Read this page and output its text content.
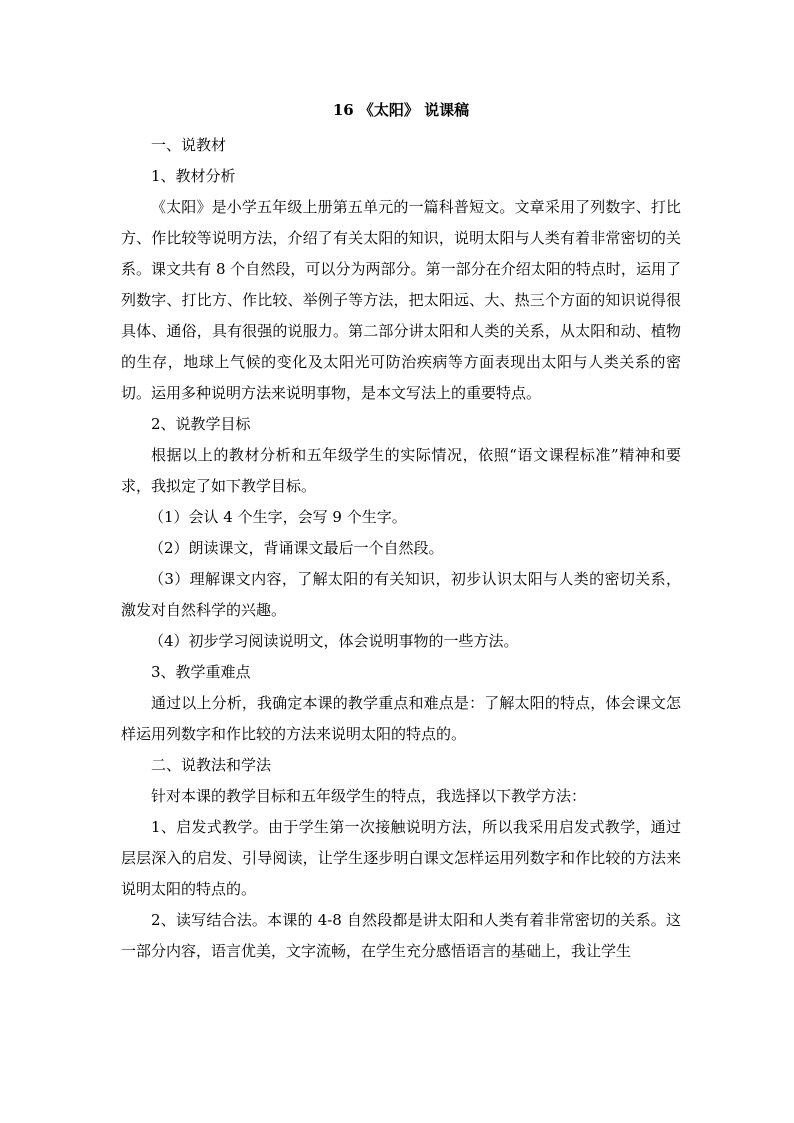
16 《太阳》 说课稿

一、说教材

1、教材分析

《太阳》是小学五年级上册第五单元的一篇科普短文。文章采用了列数字、打比方、作比较等说明方法，介绍了有关太阳的知识，说明太阳与人类有着非常密切的关系。课文共有 8 个自然段，可以分为两部分。第一部分在介绍太阳的特点时，运用了列数字、打比方、作比较、举例子等方法，把太阳远、大、热三个方面的知识说得很具体、通俗，具有很强的说服力。第二部分讲太阳和人类的关系，从太阳和动、植物的生存，地球上气候的变化及太阳光可防治疾病等方面表现出太阳与人类关系的密切。运用多种说明方法来说明事物，是本文写法上的重要特点。

2、说教学目标

根据以上的教材分析和五年级学生的实际情况，依照“语文课程标准”精神和要求，我拟定了如下教学目标。

（1）会认 4 个生字，会写 9 个生字。

（2）朗读课文，背诵课文最后一个自然段。

（3）理解课文内容，了解太阳的有关知识，初步认识太阳与人类的密切关系，激发对自然科学的兴趣。

（4）初步学习阅读说明文，体会说明事物的一些方法。

3、教学重难点

通过以上分析，我确定本课的教学重点和难点是：了解太阳的特点，体会课文怎样运用列数字和作比较的方法来说明太阳的特点的。

二、说教法和学法

针对本课的教学目标和五年级学生的特点，我选择以下教学方法：

1、启发式教学。由于学生第一次接触说明方法，所以我采用启发式教学，通过层层深入的启发、引导阅读，让学生逐步明白课文怎样运用列数字和作比较的方法来说明太阳的特点的。

2、读写结合法。本课的 4-8 自然段都是讲太阳和人类有着非常密切的关系。这一部分内容，语言优美，文字流畅，在学生充分感悟语言的基础上，我让学生
